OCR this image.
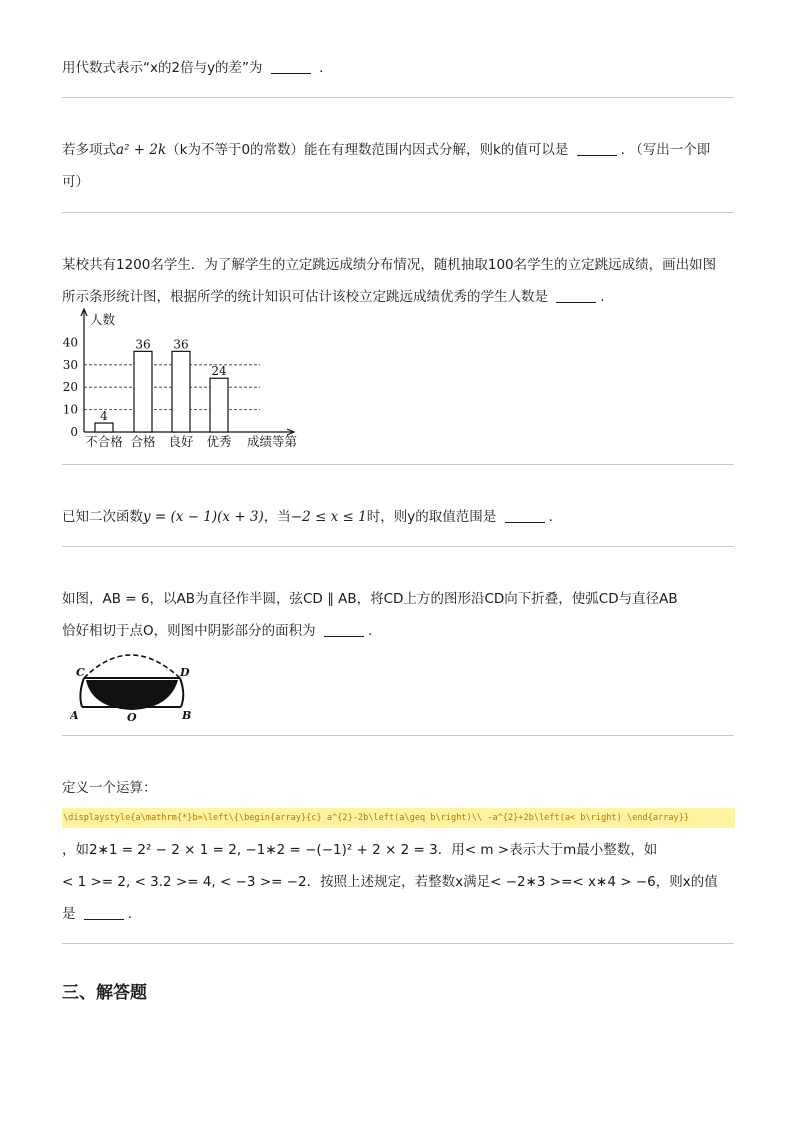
用代数式表示“x的2倍与y的差”为	.
若多项式a² + 2k（k为不等于0的常数）能在有理数范围内因式分解，则k的值可以是	. （写出一个即
可）
某校共有1200名学生．为了解学生的立定跳远成绩分布情况，随机抽取100名学生的立定跳远成绩，画出如图
所示条形统计图，根据所学的统计知识可估计该校立定跳远成绩优秀的学生人数是	.
0
10
20
30
40
人数
4
不合格
36
合格
36
良好
24
优秀 成绩等第
已知二次函数y = (x − 1)(x + 3)，当−2 ≤ x ≤ 1时，则y的取值范围是	.
如图，AB = 6，以AB为直径作半圆，弦CD ∥ AB，将CD上方的图形沿CD向下折叠，使弧CD与直径AB
恰好相切于点O，则图中阴影部分的面积为	.
C	D
A	B
O
定义一个运算：
\displaystyle{a\mathrm{*}b=\left\{\begin{array}{c} a^{2}-2b\left(a\geq b\right)\\ -a^{2}+2b\left(a< b\right) \end{array}}
，如2∗1 = 2² − 2 × 1 = 2, −1∗2 = −(−1)² + 2 × 2 = 3．用< m >表示大于m最小整数，如
< 1 >= 2, < 3.2 >= 4, < −3 >= −2．按照上述规定，若整数x满足< −2∗3 >=< x∗4 > −6，则x的值
是	.
三、解答题
